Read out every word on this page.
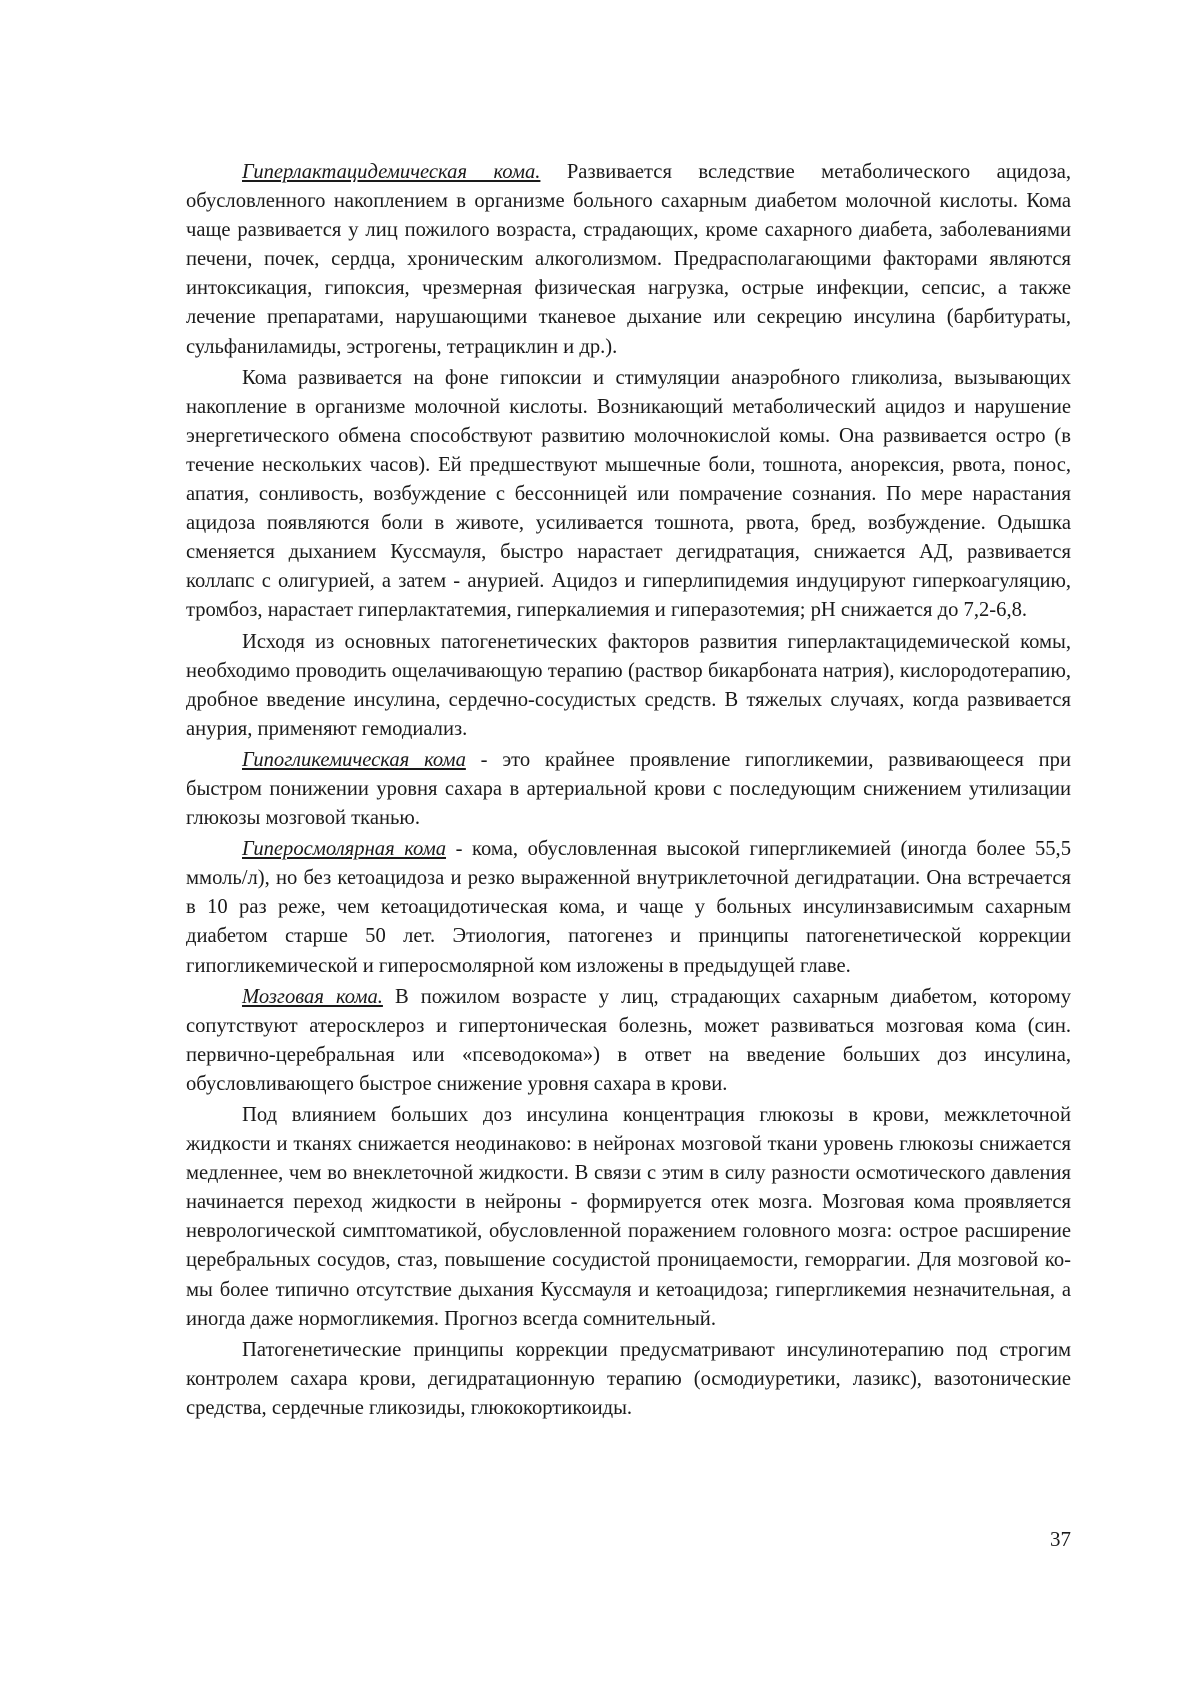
Гиперлактацидемическая кома. Развивается вследствие метаболического ацидоза, обусловленного накоплением в организме больного сахарным диабетом молочной кислоты. Кома чаще развивается у лиц пожилого возраста, страдающих, кроме сахарного диабета, заболеваниями печени, почек, сердца, хроническим алкоголизмом. Предрасполагающими факторами являются интоксикация, гипоксия, чрезмерная физическая нагрузка, острые инфекции, сепсис, а также лечение препаратами, нарушающими тканевое дыхание или секрецию инсулина (барбитураты, сульфаниламиды, эстрогены, тетрациклин и др.).

Кома развивается на фоне гипоксии и стимуляции анаэробного гликолиза, вызывающих накопление в организме молочной кислоты. Возникающий метаболический ацидоз и нарушение энергетического обмена способствуют развитию молочнокислой комы. Она развивается остро (в течение нескольких часов). Ей предшествуют мышечные боли, тошнота, анорексия, рвота, понос, апатия, сонливость, возбуждение с бессонницей или помрачение сознания. По мере нарастания ацидоза появляются боли в животе, усиливается тошнота, рвота, бред, возбуждение. Одышка сменяется дыханием Куссмауля, быстро нарастает дегидратация, снижается АД, развивается коллапс с олигурией, а затем - анурией. Ацидоз и гиперлипидемия индуцируют гиперкоагуляцию, тромбоз, нарастает гиперлактатемия, гиперкалиемия и гиперазотемия; pH снижается до 7,2-6,8.

Исходя из основных патогенетических факторов развития гиперлактацидемической комы, необходимо проводить ощелачивающую терапию (раствор бикарбоната натрия), кислородотерапию, дробное введение инсулина, сердечно-сосудистых средств. В тяжелых случаях, когда развивается анурия, применяют гемодиализ.

Гипогликемическая кома - это крайнее проявление гипогликемии, развивающееся при быстром понижении уровня сахара в артериальной крови с последующим снижением утилизации глюкозы мозговой тканью.

Гиперосмолярная кома - кома, обусловленная высокой гипергликемией (иногда более 55,5 ммоль/л), но без кетоацидоза и резко выраженной внутриклеточной дегидратации. Она встречается в 10 раз реже, чем кетоацидотическая кома, и чаще у больных инсулинзависимым сахарным диабетом старше 50 лет. Этиология, патогенез и принципы патогенетической коррекции гипогликемической и гиперосмолярной ком изложены в предыдущей главе.

Мозговая кома. В пожилом возрасте у лиц, страдающих сахарным диабетом, которому сопутствуют атеросклероз и гипертоническая болезнь, может развиваться мозговая кома (син. первично-церебральная или «псеводокома») в ответ на введение больших доз инсулина, обусловливающего быстрое снижение уровня сахара в крови.

Под влиянием больших доз инсулина концентрация глюкозы в крови, межклеточной жидкости и тканях снижается неодинаково: в нейронах мозговой ткани уровень глюкозы снижается медленнее, чем во внеклеточной жидкости. В связи с этим в силу разности осмотического давления начинается переход жидкости в нейроны - формируется отек мозга. Мозговая кома проявляется неврологической симптоматикой, обусловленной поражением головного мозга: острое расширение церебральных сосудов, стаз, повышение сосудистой проницаемости, геморрагии. Для мозговой комы более типично отсутствие дыхания Куссмауля и кетоацидоза; гипергликемия незначительная, а иногда даже нормогликемия. Прогноз всегда сомнительный.

Патогенетические принципы коррекции предусматривают инсулинотерапию под строгим контролем сахара крови, дегидратационную терапию (осмодиуретики, лазикс), вазотонические средства, сердечные гликозиды, глюкокортикоиды.

37
